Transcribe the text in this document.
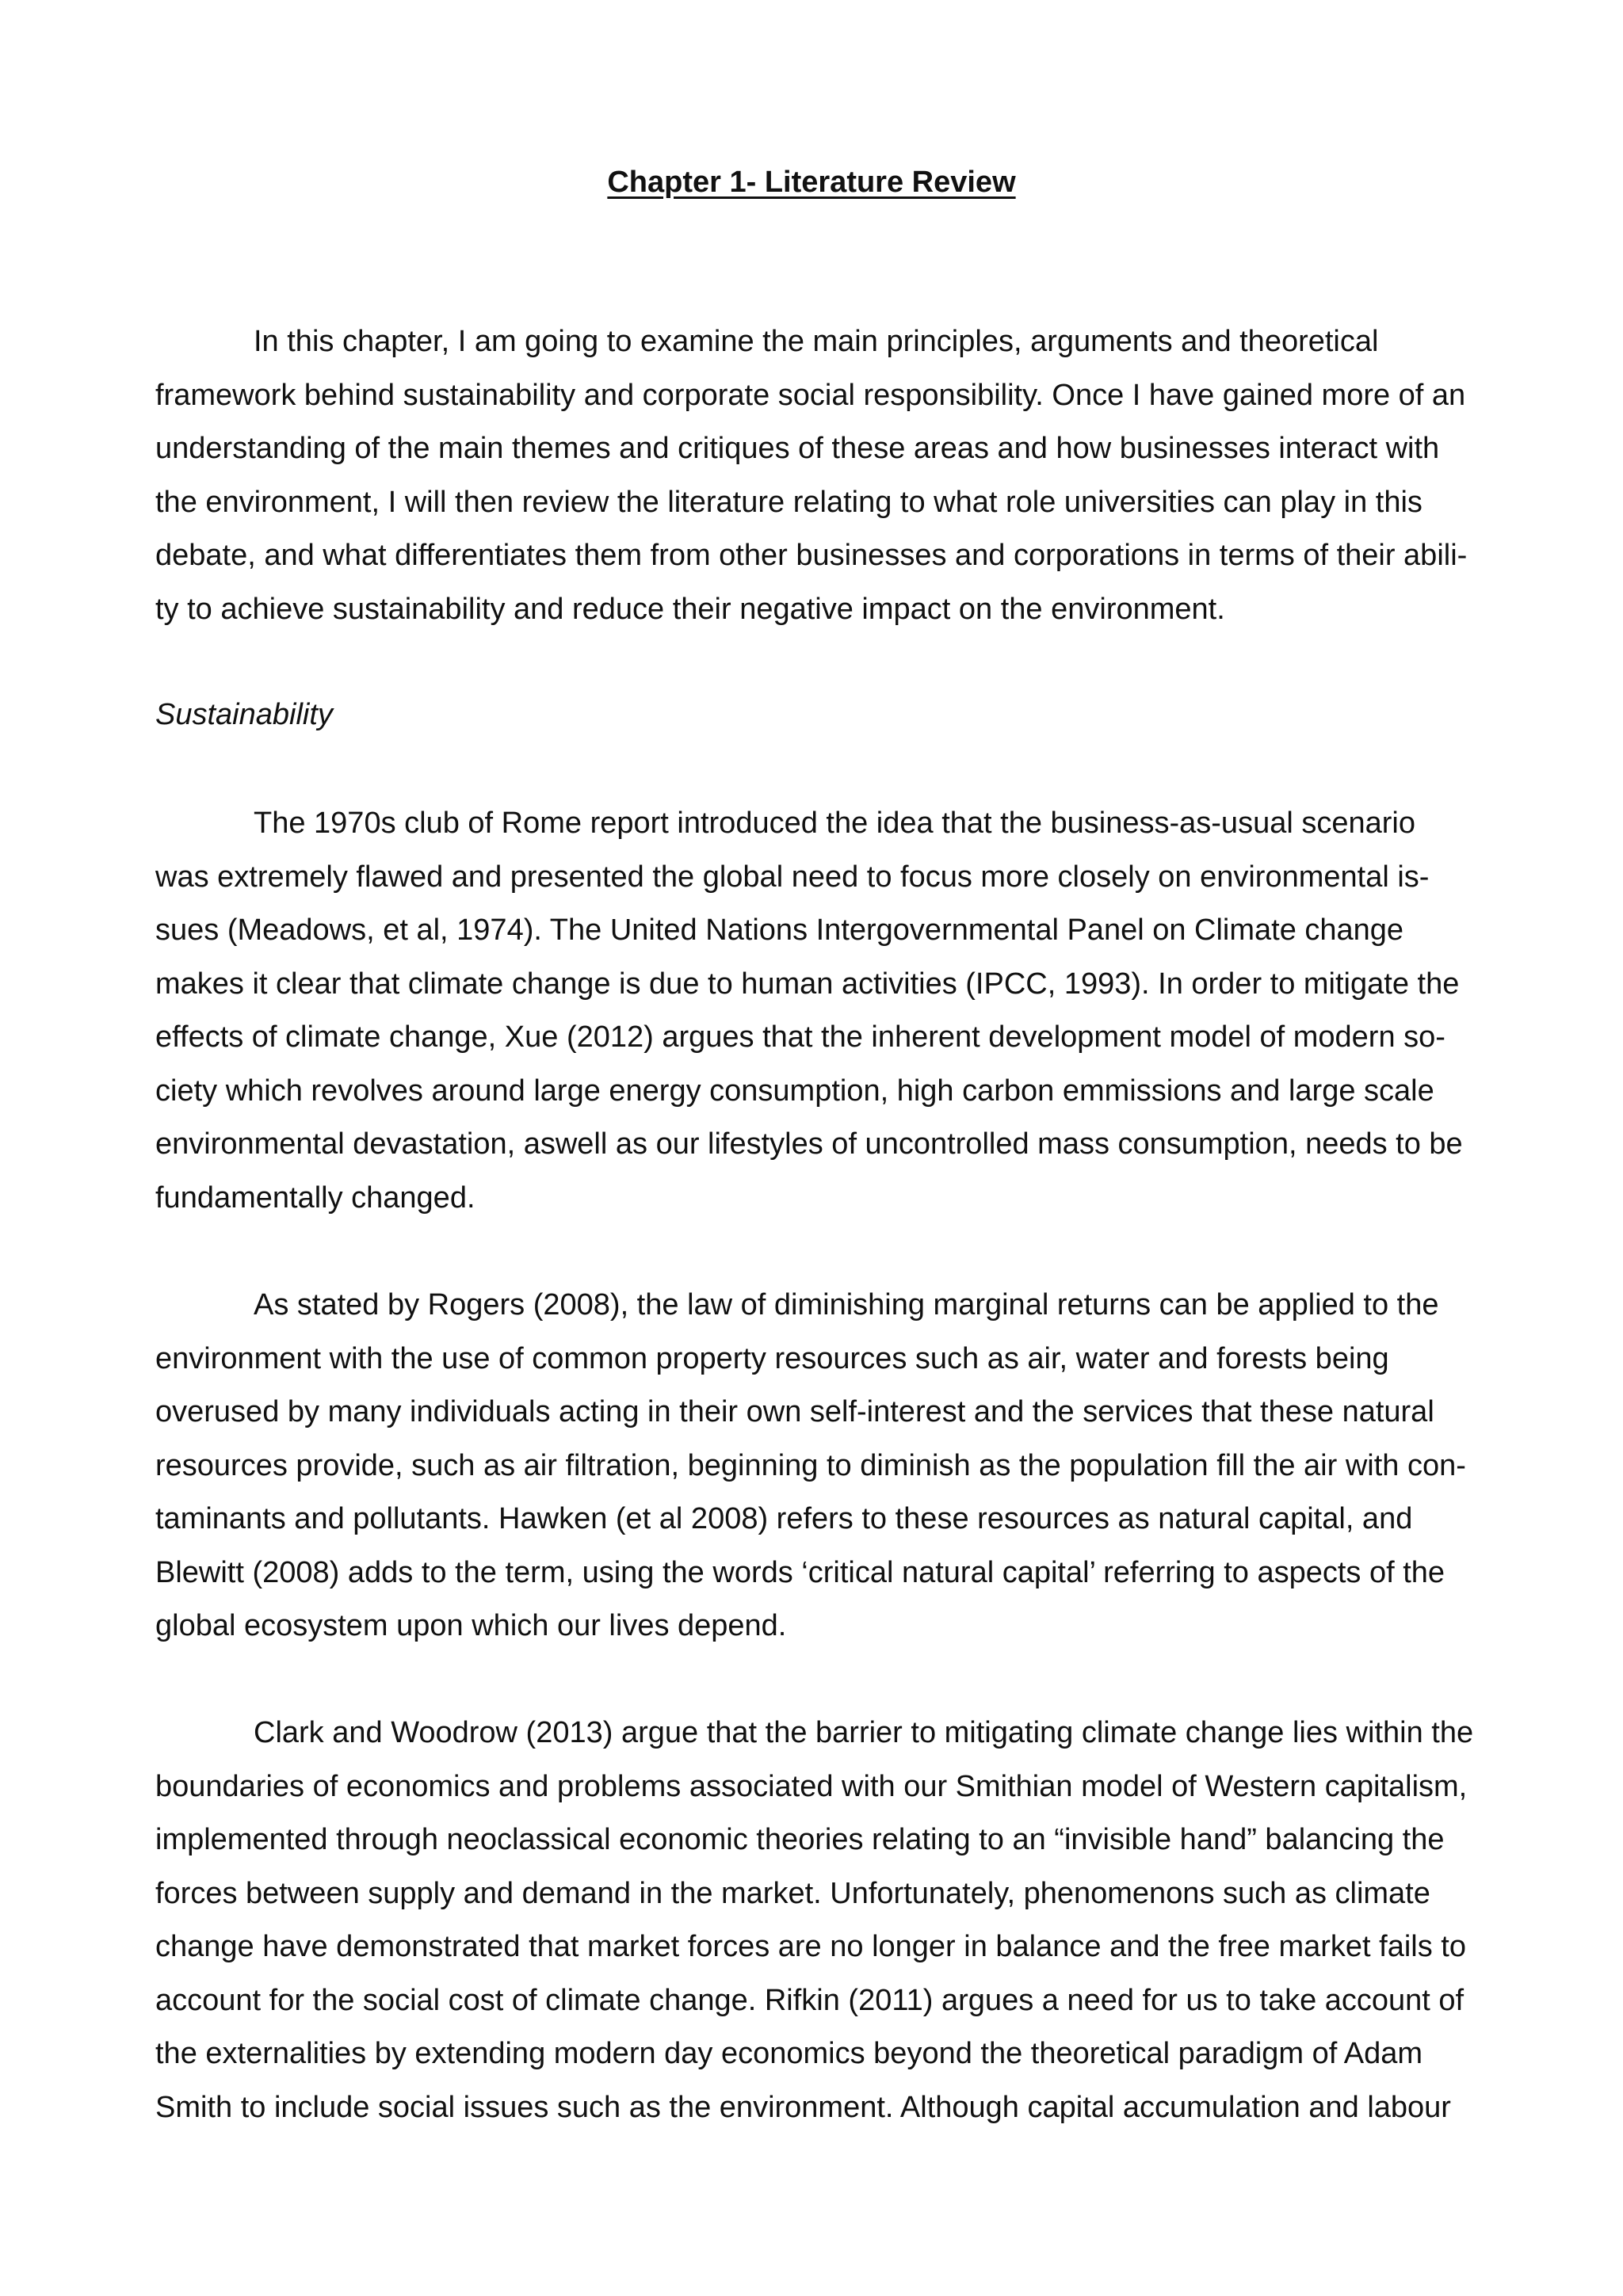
Chapter 1- Literature Review
In this chapter, I am going to examine the main principles, arguments and theoretical
framework behind sustainability and corporate social responsibility. Once I have gained more of an
understanding of the main themes and critiques of these areas and how businesses interact with
the environment, I will then review the literature relating to what role universities can play in this
debate, and what differentiates them from other businesses and corporations in terms of their abili-
ty to achieve sustainability and reduce their negative impact on the environment.
Sustainability
The 1970s club of Rome report introduced the idea that the business-as-usual scenario
was extremely flawed and presented the global need to focus more closely on environmental is-
sues (Meadows, et al, 1974). The United Nations Intergovernmental Panel on Climate change
makes it clear that climate change is due to human activities (IPCC, 1993). In order to mitigate the
effects of climate change, Xue (2012) argues that the inherent development model of modern so-
ciety which revolves around large energy consumption, high carbon emmissions and large scale
environmental devastation, aswell as our lifestyles of uncontrolled mass consumption, needs to be
fundamentally changed.
As stated by Rogers (2008), the law of diminishing marginal returns can be applied to the
environment with the use of common property resources such as air, water and forests being
overused by many individuals acting in their own self-interest and the services that these natural
resources provide, such as air filtration, beginning to diminish as the population fill the air with con-
taminants and pollutants. Hawken (et al 2008) refers to these resources as natural capital, and
Blewitt (2008) adds to the term, using the words ‘critical natural capital’ referring to aspects of the
global ecosystem upon which our lives depend.
Clark and Woodrow (2013) argue that the barrier to mitigating climate change lies within the
boundaries of economics and problems associated with our Smithian model of Western capitalism,
implemented through neoclassical economic theories relating to an “invisible hand” balancing the
forces between supply and demand in the market. Unfortunately, phenomenons such as climate
change have demonstrated that market forces are no longer in balance and the free market fails to
account for the social cost of climate change. Rifkin (2011) argues a need for us to take account of
the externalities by extending modern day economics beyond the theoretical paradigm of Adam
Smith to include social issues such as the environment. Although capital accumulation and labour
